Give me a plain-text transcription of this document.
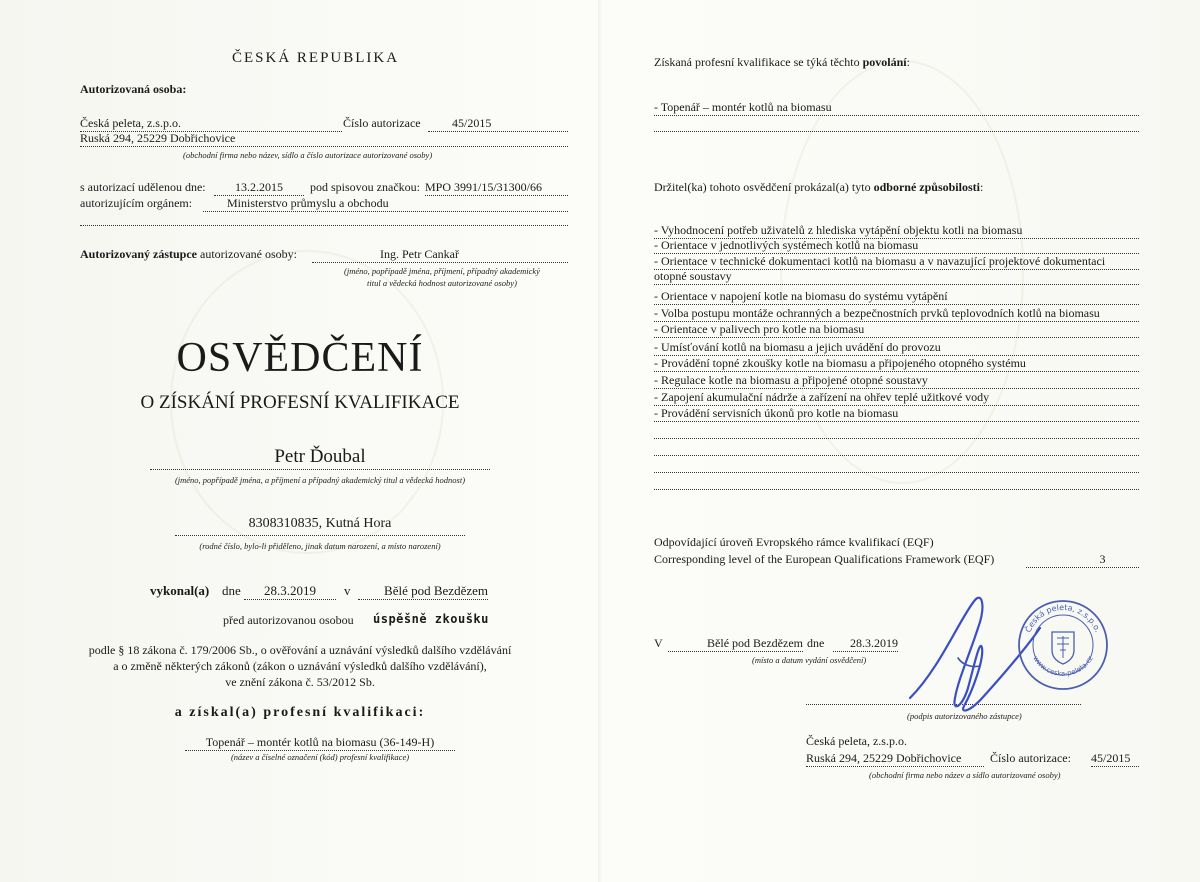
ČESKÁ REPUBLIKA
Autorizovaná osoba:
Česká peleta, z.s.p.o.	Číslo autorizace	45/2015
Ruská 294, 25229 Dobřichovice
(obchodní firma nebo název, sídlo a číslo autorizace autorizované osoby)
s autorizací udělenou dne:	13.2.2015	pod spisovou značkou: MPO 3991/15/31300/66
autorizujícím orgánem:	Ministerstvo průmyslu a obchodu
Autorizovaný zástupce autorizované osoby:	Ing. Petr Cankař
(jméno, popřípadě jména, příjmení, případný akademický
titul a vědecká hodnost autorizované osoby)
OSVĚDČENÍ
O ZÍSKÁNÍ PROFESNÍ KVALIFIKACE
Petr Ďoubal
(jméno, popřípadě jména, a příjmení a případný akademický titul a vědecká hodnost)
8308310835, Kutná Hora
(rodné číslo, bylo-li přiděleno, jinak datum narození, a místo narození)
vykonal(a) dne	28.3.2019	v	Bělé pod Bezdězem
před autorizovanou osobou úspěšně zkoušku
podle § 18 zákona č. 179/2006 Sb., o ověřování a uznávání výsledků dalšího vzdělávání
a o změně některých zákonů (zákon o uznávání výsledků dalšího vzdělávání),
ve znění zákona č. 53/2012 Sb.
a získal(a) profesní kvalifikaci:
Topenář – montér kotlů na biomasu (36-149-H)
(název a číselné označení (kód) profesní kvalifikace)
Získaná profesní kvalifikace se týká těchto povolání:
- Topenář – montér kotlů na biomasu
Držitel(ka) tohoto osvědčení prokázal(a) tyto odborné způsobilosti:
- Vyhodnocení potřeb uživatelů z hlediska vytápění objektu kotli na biomasu
- Orientace v jednotlivých systémech kotlů na biomasu
- Orientace v technické dokumentaci kotlů na biomasu a v navazující projektové dokumentaci
otopné soustavy
- Orientace v napojení kotle na biomasu do systému vytápění
- Volba postupu montáže ochranných a bezpečnostních prvků teplovodních kotlů na biomasu
- Orientace v palivech pro kotle na biomasu
- Umísťování kotlů na biomasu a jejich uvádění do provozu
- Provádění topné zkoušky kotle na biomasu a připojeného otopného systému
- Regulace kotle na biomasu a připojené otopné soustavy
- Zapojení akumulační nádrže a zařízení na ohřev teplé užitkové vody
- Provádění servisních úkonů pro kotle na biomasu
Odpovídající úroveň Evropského rámce kvalifikací (EQF)
Corresponding level of the European Qualifications Framework (EQF)	3
V	Bělé pod Bezdězem dne	28.3.2019
(místo a datum vydání osvědčení)
(podpis autorizovaného zástupce)
Česká peleta, z.s.p.o.
www.ceska-peleta.cz
Česká peleta, z.s.p.o.
Ruská 294, 25229 Dobřichovice	Číslo autorizace: 45/2015
(obchodní firma nebo název a sídlo autorizované osoby)
